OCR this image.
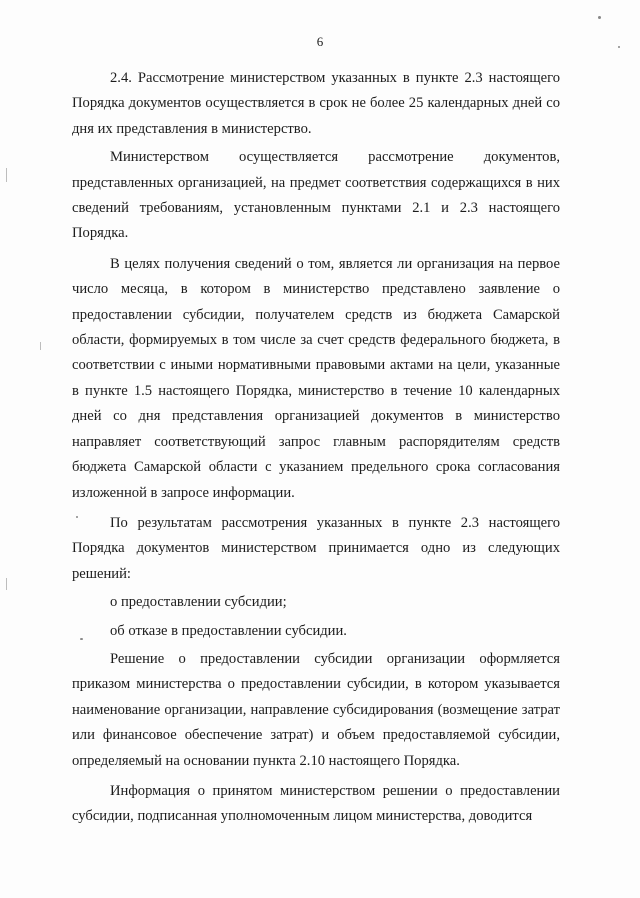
6

2.4. Рассмотрение министерством указанных в пункте 2.3 настоящего Порядка документов осуществляется в срок не более 25 календарных дней со дня их представления в министерство.

Министерством осуществляется рассмотрение документов, представленных организацией, на предмет соответствия содержащихся в них сведений требованиям, установленным пунктами 2.1 и 2.3 настоящего Порядка.

В целях получения сведений о том, является ли организация на первое число месяца, в котором в министерство представлено заявление о предоставлении субсидии, получателем средств из бюджета Самарской области, формируемых в том числе за счет средств федерального бюджета, в соответствии с иными нормативными правовыми актами на цели, указанные в пункте 1.5 настоящего Порядка, министерство в течение 10 календарных дней со дня представления организацией документов в министерство направляет соответствующий запрос главным распорядителям средств бюджета Самарской области с указанием предельного срока согласования изложенной в запросе информации.

По результатам рассмотрения указанных в пункте 2.3 настоящего Порядка документов министерством принимается одно из следующих решений:

о предоставлении субсидии;

об отказе в предоставлении субсидии.

Решение о предоставлении субсидии организации оформляется приказом министерства о предоставлении субсидии, в котором указывается наименование организации, направление субсидирования (возмещение затрат или финансовое обеспечение затрат) и объем предоставляемой субсидии, определяемый на основании пункта 2.10 настоящего Порядка.

Информация о принятом министерством решении о предоставлении субсидии, подписанная уполномоченным лицом министерства, доводится
